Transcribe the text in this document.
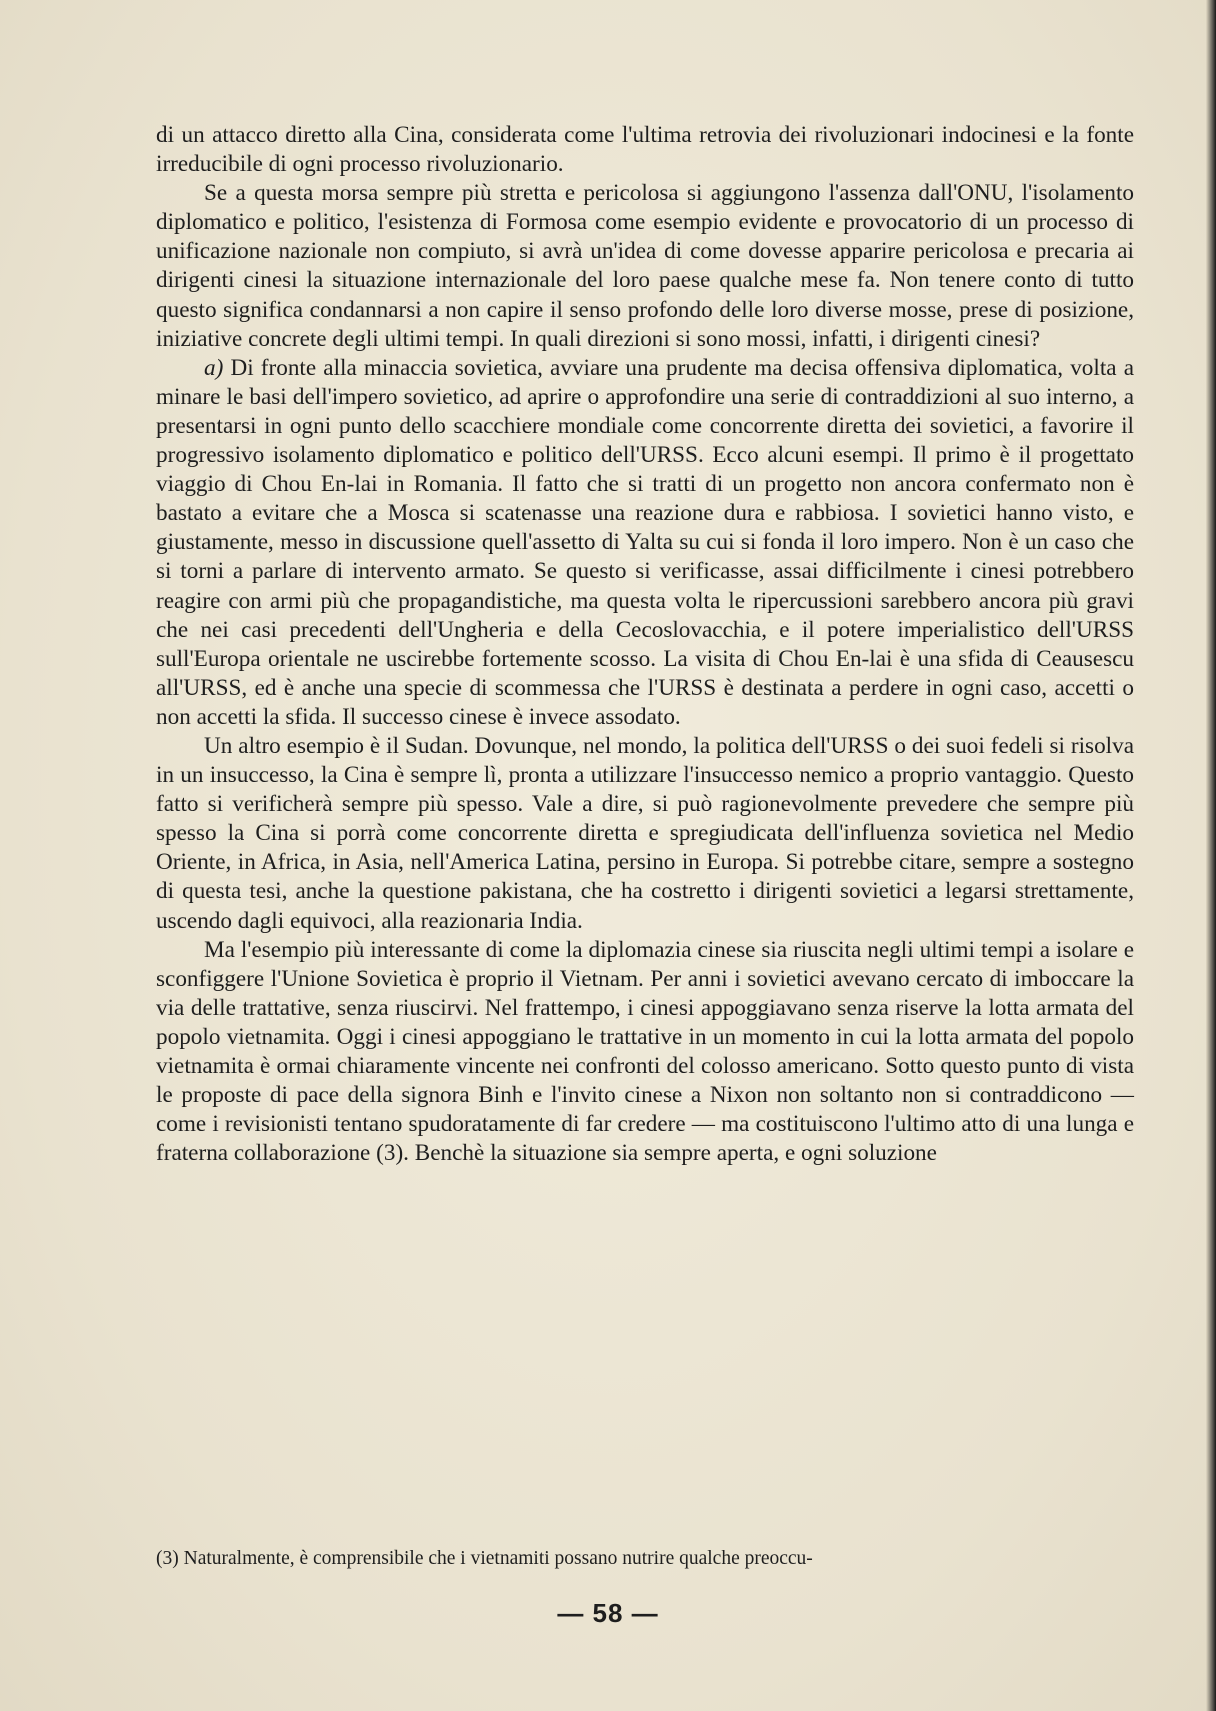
di un attacco diretto alla Cina, considerata come l'ultima retrovia dei rivoluzionari indocinesi e la fonte irreducibile di ogni processo rivoluzionario.

Se a questa morsa sempre più stretta e pericolosa si aggiungono l'assenza dall'ONU, l'isolamento diplomatico e politico, l'esistenza di Formosa come esempio evidente e provocatorio di un processo di unificazione nazionale non compiuto, si avrà un'idea di come dovesse apparire pericolosa e precaria ai dirigenti cinesi la situazione internazionale del loro paese qualche mese fa. Non tenere conto di tutto questo significa condannarsi a non capire il senso profondo delle loro diverse mosse, prese di posizione, iniziative concrete degli ultimi tempi. In quali direzioni si sono mossi, infatti, i dirigenti cinesi?

a) Di fronte alla minaccia sovietica, avviare una prudente ma decisa offensiva diplomatica, volta a minare le basi dell'impero sovietico, ad aprire o approfondire una serie di contraddizioni al suo interno, a presentarsi in ogni punto dello scacchiere mondiale come concorrente diretta dei sovietici, a favorire il progressivo isolamento diplomatico e politico dell'URSS. Ecco alcuni esempi. Il primo è il progettato viaggio di Chou En-lai in Romania. Il fatto che si tratti di un progetto non ancora confermato non è bastato a evitare che a Mosca si scatenasse una reazione dura e rabbiosa. I sovietici hanno visto, e giustamente, messo in discussione quell'assetto di Yalta su cui si fonda il loro impero. Non è un caso che si torni a parlare di intervento armato. Se questo si verificasse, assai difficilmente i cinesi potrebbero reagire con armi più che propagandistiche, ma questa volta le ripercussioni sarebbero ancora più gravi che nei casi precedenti dell'Ungheria e della Cecoslovacchia, e il potere imperialistico dell'URSS sull'Europa orientale ne uscirebbe fortemente scosso. La visita di Chou En-lai è una sfida di Ceausescu all'URSS, ed è anche una specie di scommessa che l'URSS è destinata a perdere in ogni caso, accetti o non accetti la sfida. Il successo cinese è invece assodato.

Un altro esempio è il Sudan. Dovunque, nel mondo, la politica dell'URSS o dei suoi fedeli si risolva in un insuccesso, la Cina è sempre lì, pronta a utilizzare l'insuccesso nemico a proprio vantaggio. Questo fatto si verificherà sempre più spesso. Vale a dire, si può ragionevolmente prevedere che sempre più spesso la Cina si porrà come concorrente diretta e spregiudicata dell'influenza sovietica nel Medio Oriente, in Africa, in Asia, nell'America Latina, persino in Europa. Si potrebbe citare, sempre a sostegno di questa tesi, anche la questione pakistana, che ha costretto i dirigenti sovietici a legarsi strettamente, uscendo dagli equivoci, alla reazionaria India.

Ma l'esempio più interessante di come la diplomazia cinese sia riuscita negli ultimi tempi a isolare e sconfiggere l'Unione Sovietica è proprio il Vietnam. Per anni i sovietici avevano cercato di imboccare la via delle trattative, senza riuscirvi. Nel frattempo, i cinesi appoggiavano senza riserve la lotta armata del popolo vietnamita. Oggi i cinesi appoggiano le trattative in un momento in cui la lotta armata del popolo vietnamita è ormai chiaramente vincente nei confronti del colosso americano. Sotto questo punto di vista le proposte di pace della signora Binh e l'invito cinese a Nixon non soltanto non si contraddicono — come i revisionisti tentano spudoratamente di far credere — ma costituiscono l'ultimo atto di una lunga e fraterna collaborazione (3). Benchè la situazione sia sempre aperta, e ogni soluzione

(3) Naturalmente, è comprensibile che i vietnamiti possano nutrire qualche preoccu-
— 58 —
